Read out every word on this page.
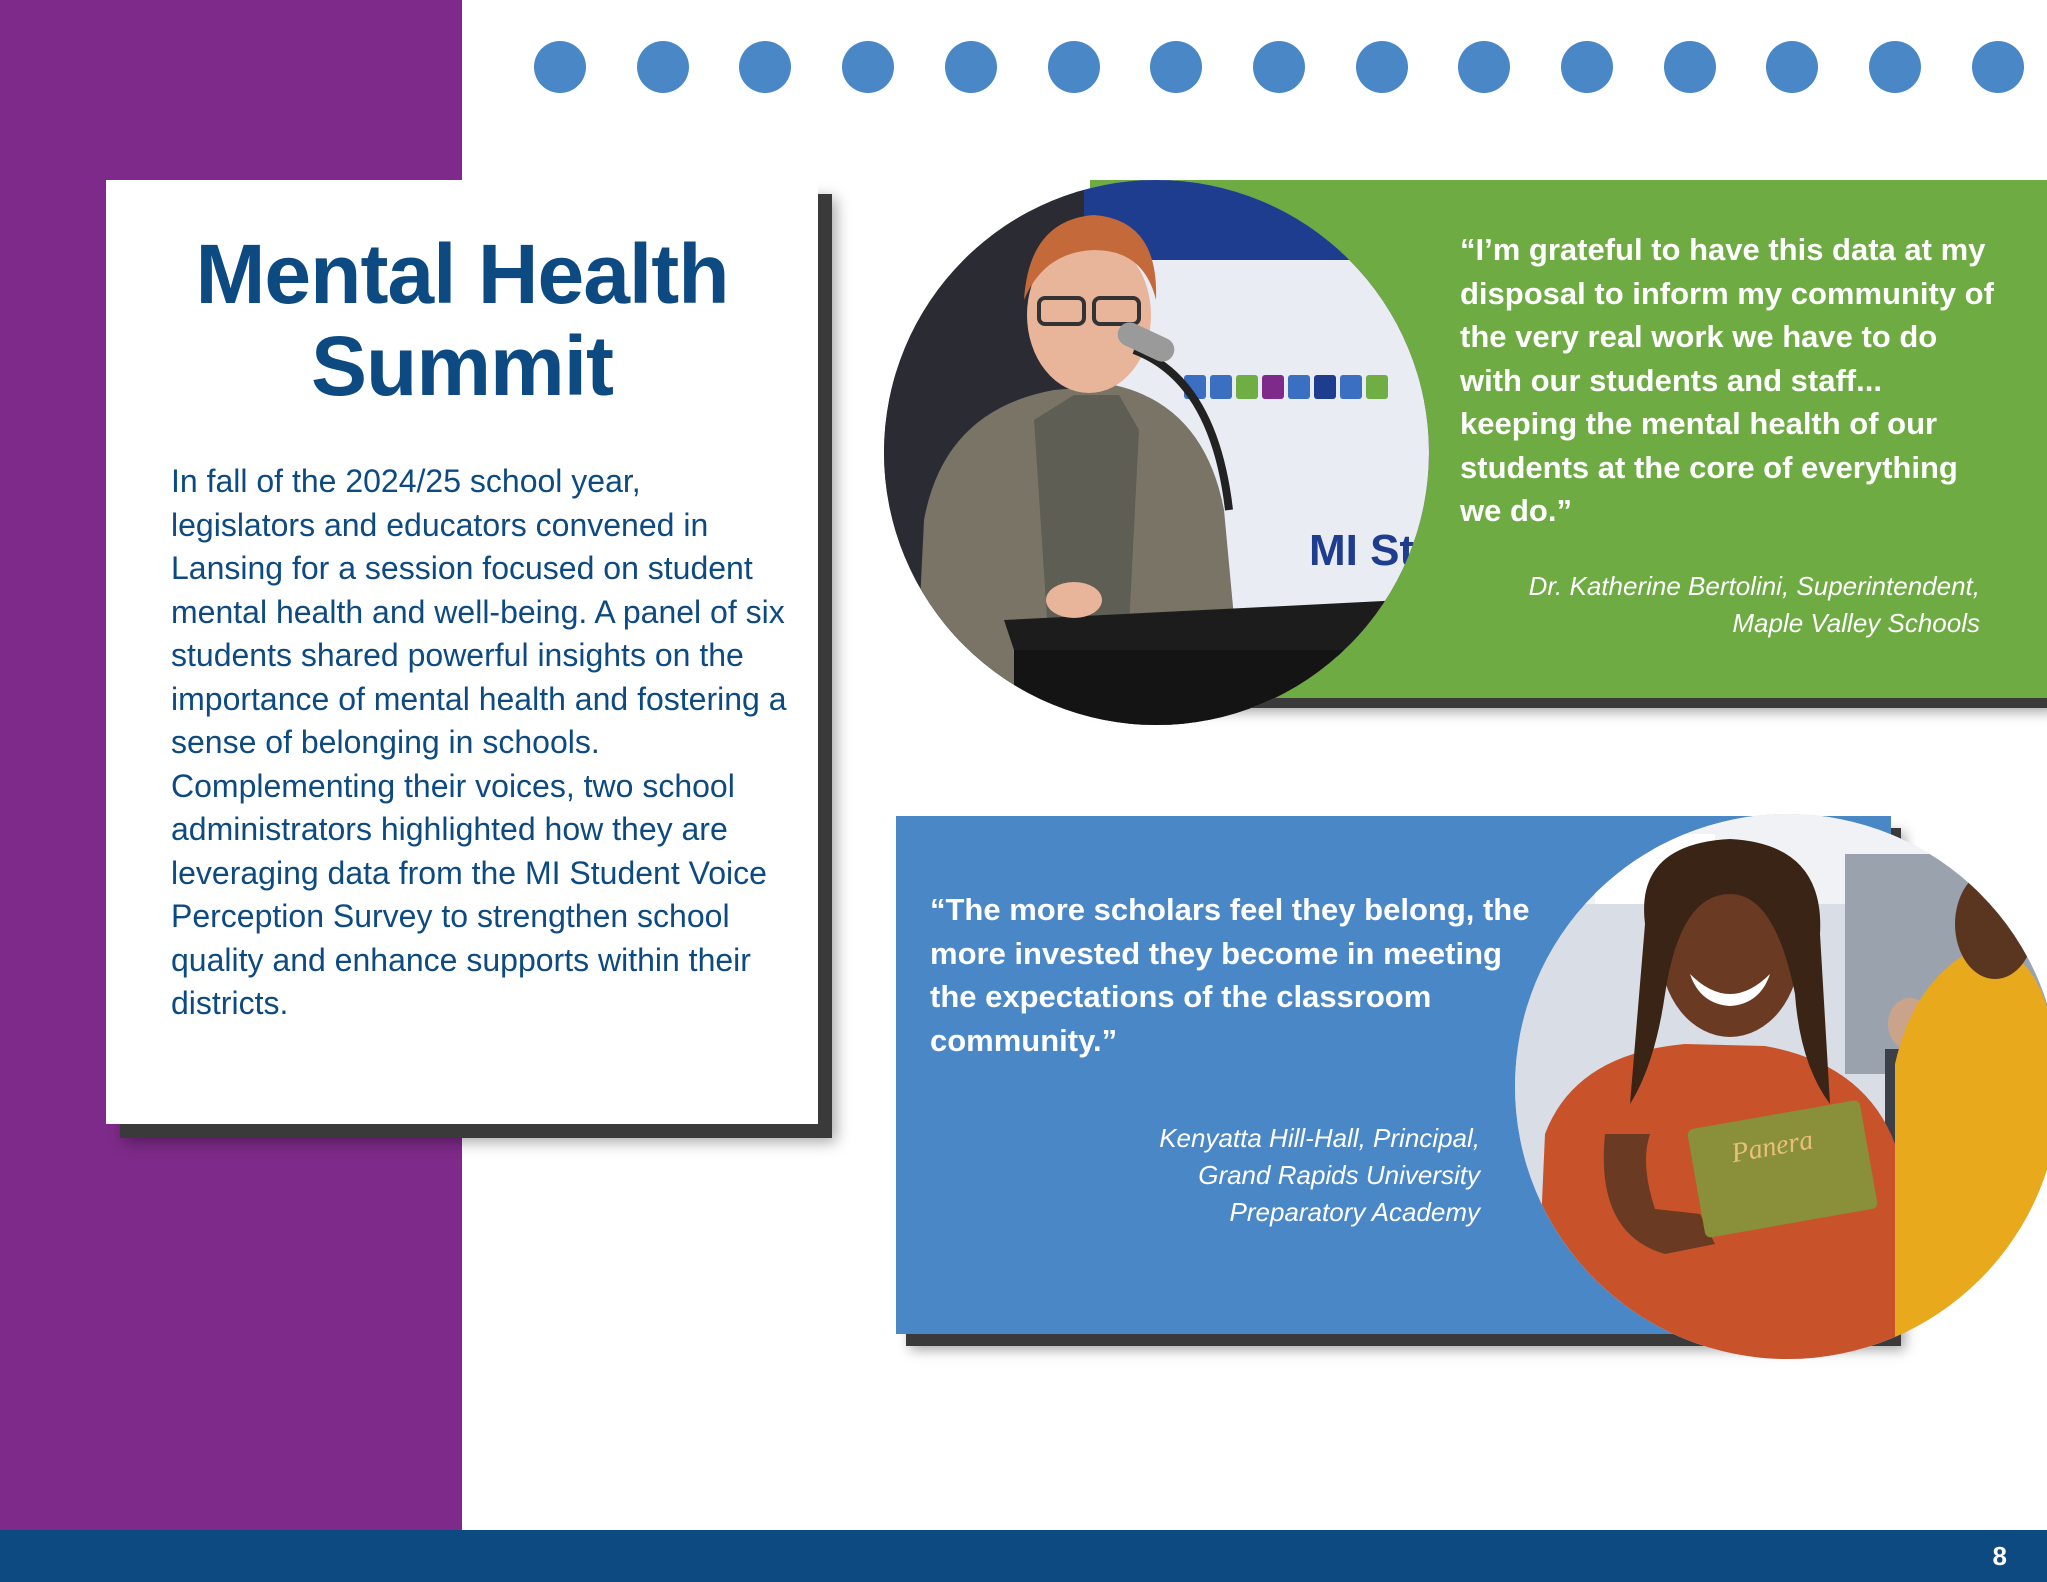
Mental Health
Summit
In fall of the 2024/25 school year, legislators and educators convened in Lansing for a session focused on student mental health and well-being. A panel of six students shared powerful insights on the importance of mental health and fostering a sense of belonging in schools. Complementing their voices, two school administrators highlighted how they are leveraging data from the MI Student Voice Perception Survey to strengthen school quality and enhance supports within their districts.
MI St
“I’m grateful to have this data at my disposal to inform my community of the very real work we have to do with our students and staff... keeping the mental health of our students at the core of everything we do.”
Dr. Katherine Bertolini, Superintendent,
Maple Valley Schools
“The more scholars feel they belong, the more invested they become in meeting the expectations of the classroom community.”
Kenyatta Hill-Hall, Principal,
Grand Rapids University
Preparatory Academy
Panera
8
